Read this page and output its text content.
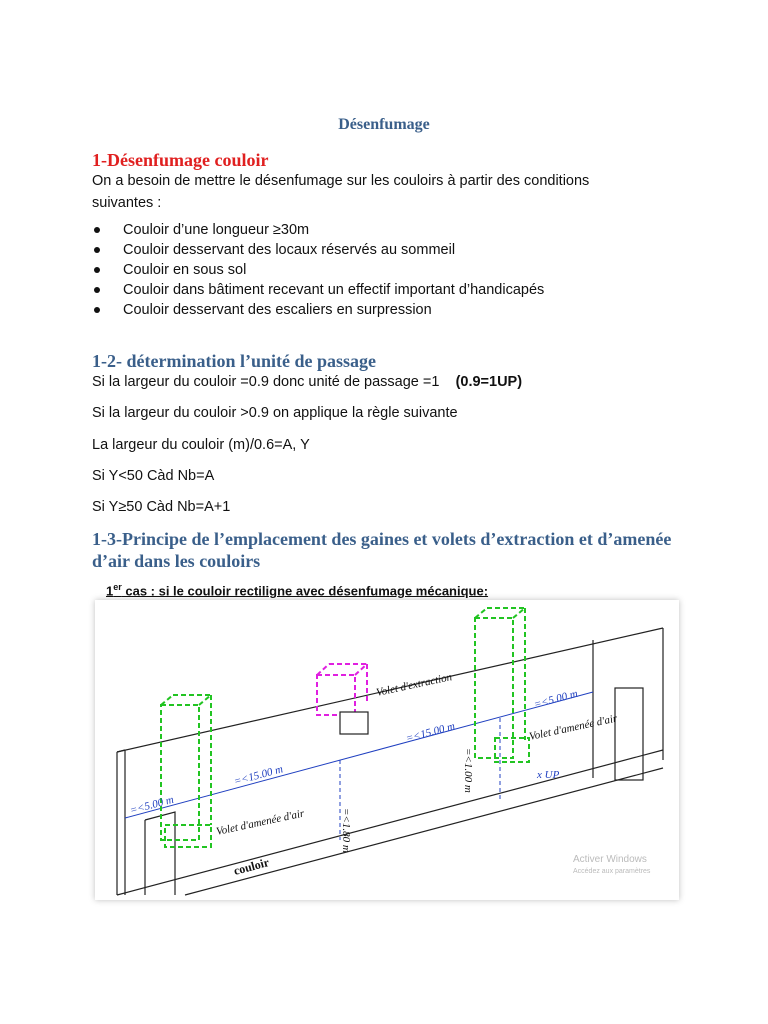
Désenfumage
1-Désenfumage couloir
On a besoin de mettre le désenfumage sur les couloirs à partir des conditions suivantes :
Couloir d’une longueur ≥30m
Couloir desservant des locaux réservés au sommeil
Couloir en sous sol
Couloir dans bâtiment recevant un effectif important d’handicapés
Couloir desservant des escaliers en surpression
1-2- détermination l’unité de passage
Si la largeur du couloir =0.9 donc unité de passage =1 (0.9=1UP)
Si la largeur du couloir >0.9 on applique la règle suivante
La largeur du couloir (m)/0.6=A, Y
Si Y<50 Càd Nb=A
Si Y≥50 Càd Nb=A+1
1-3-Principe de l’emplacement des gaines et volets d’extraction et d’amenée d’air dans les couloirs
1er cas : si le couloir rectiligne avec désenfumage mécanique:
Volet d'extraction
Volet d'amenée d'air
Volet d'amenée d'air
=<5.00 m
=<15.00 m
=<15.00 m
=<5.00 m
=<1.80 m
=<1.00 m	x UP
couloir	Activer Windows
Accédez aux paramètres
